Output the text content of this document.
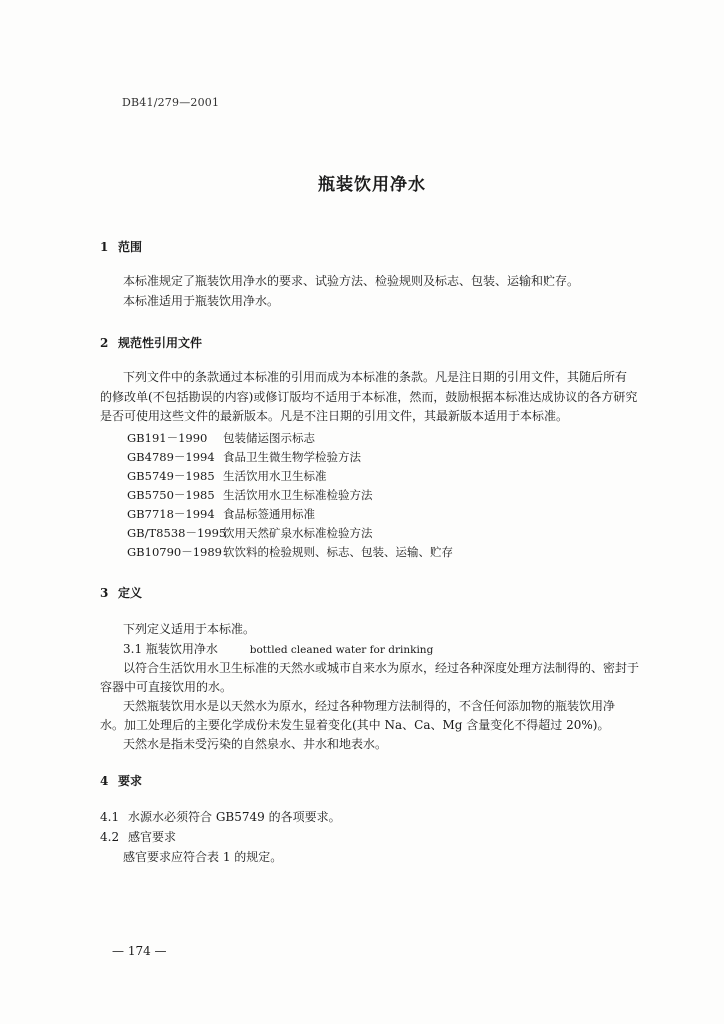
DB41/279—2001
瓶装饮用净水
1 范围
本标准规定了瓶装饮用净水的要求、试验方法、检验规则及标志、包装、运输和贮存。
本标准适用于瓶装饮用净水。
2 规范性引用文件
下列文件中的条款通过本标准的引用而成为本标准的条款。凡是注日期的引用文件，其随后所有
的修改单(不包括勘误的内容)或修订版均不适用于本标准，然而，鼓励根据本标准达成协议的各方研究
是否可使用这些文件的最新版本。凡是不注日期的引用文件，其最新版本适用于本标准。
GB191－1990 包装储运图示标志
GB4789－1994 食品卫生微生物学检验方法
GB5749－1985 生活饮用水卫生标准
GB5750－1985 生活饮用水卫生标准检验方法
GB7718－1994 食品标签通用标准
GB/T8538－1995饮用天然矿泉水标准检验方法
GB10790－1989软饮料的检验规则、标志、包装、运输、贮存
3 定义
下列定义适用于本标准。
3.1 瓶装饮用净水	bottled cleaned water for drinking
以符合生活饮用水卫生标准的天然水或城市自来水为原水，经过各种深度处理方法制得的、密封于
容器中可直接饮用的水。
天然瓶装饮用水是以天然水为原水，经过各种物理方法制得的，不含任何添加物的瓶装饮用净
水。加工处理后的主要化学成份未发生显着变化(其中 Na、Ca、Mg 含量变化不得超过 20%)。
天然水是指未受污染的自然泉水、井水和地表水。
4 要求
4.1 水源水必须符合 GB5749 的各项要求。
4.2 感官要求
感官要求应符合表 1 的规定。
— 174 —
